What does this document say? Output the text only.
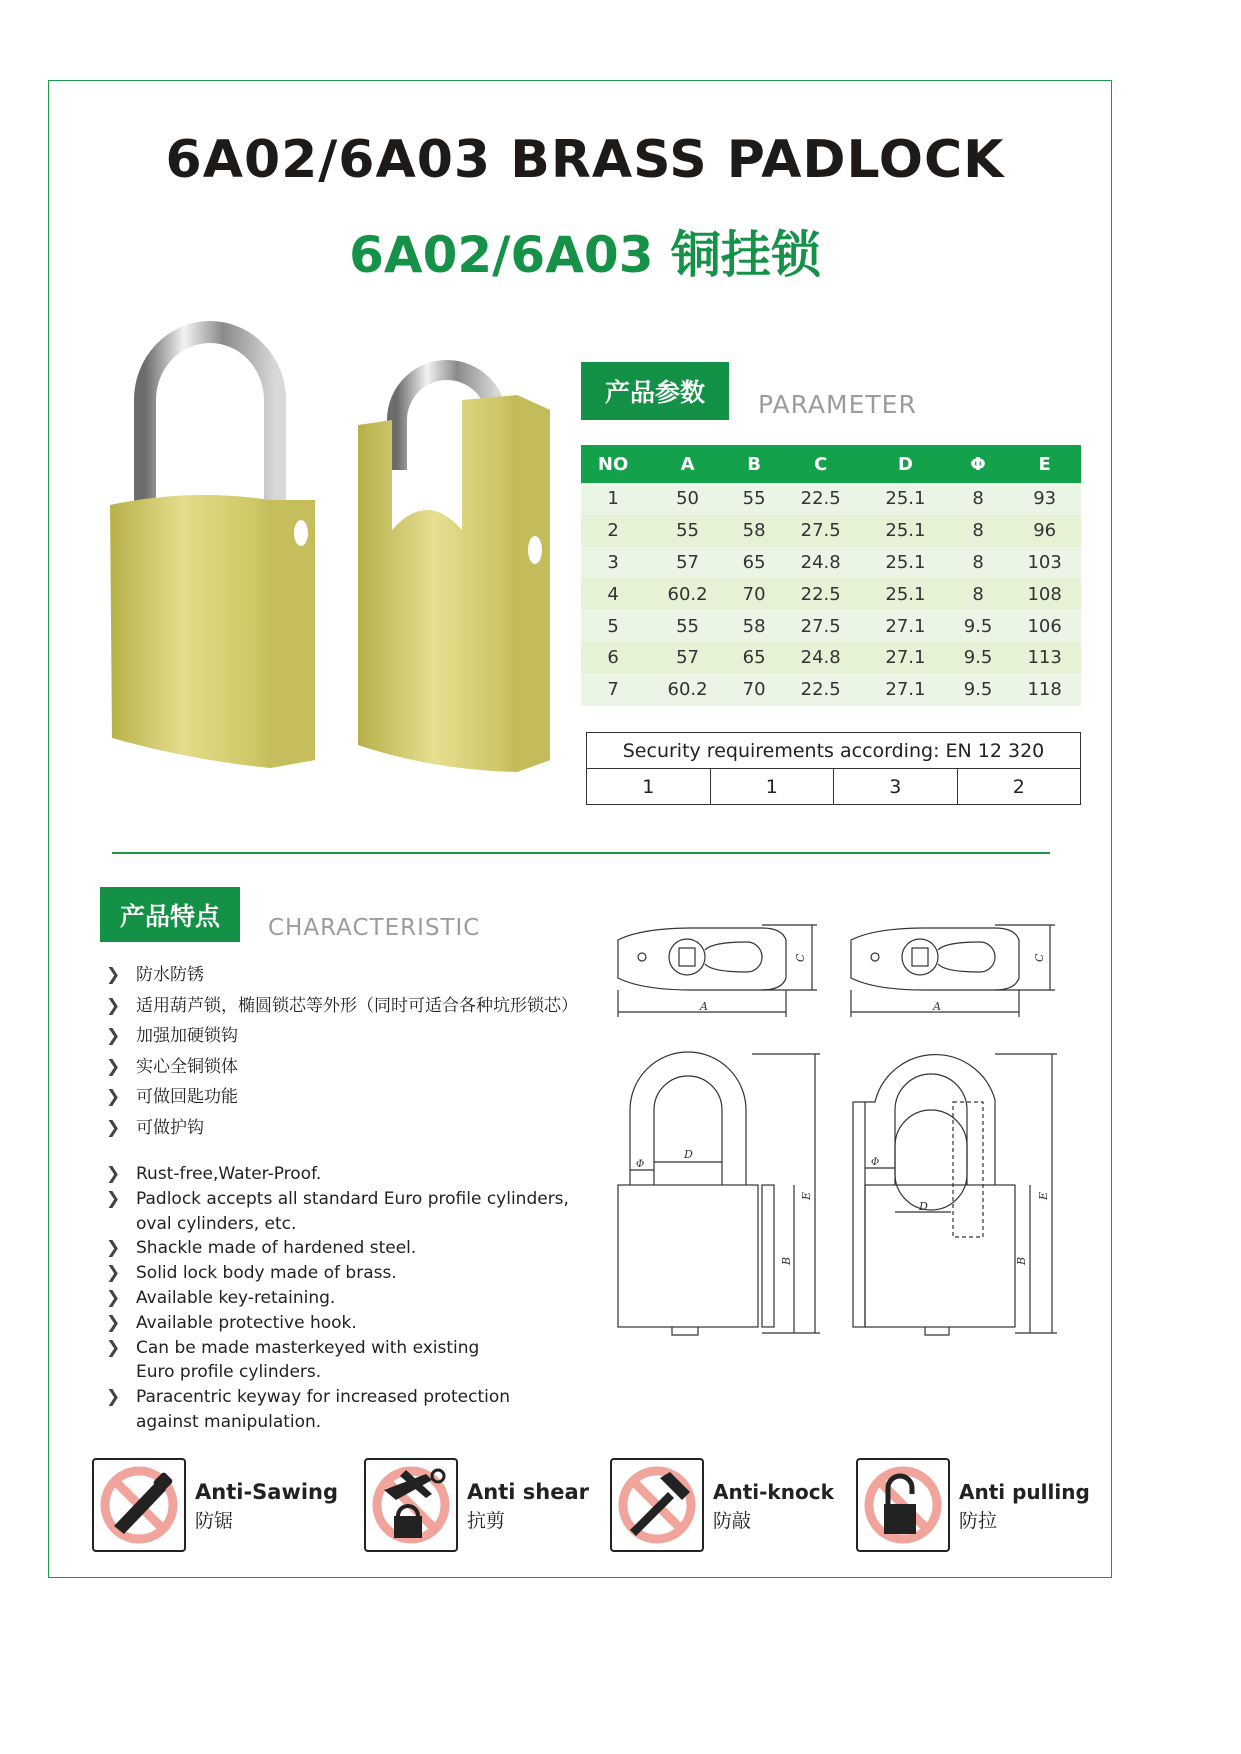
6A02/6A03 BRASS PADLOCK
6A02/6A03 铜挂锁
产品参数	PARAMETER
NO	A	B	C	D	Φ	E
1	50	55	22.5	25.1	8	93
2	55	58	27.5	25.1	8	96
3	57	65	24.8	25.1	8	103
4	60.2	70	22.5	25.1	8	108
5	55	58	27.5	27.1	9.5	106
6	57	65	24.8	27.1	9.5	113
7	60.2	70	22.5	27.1	9.5	118
Security requirements according: EN 12 320
1	1	3	2
产品特点	CHARACTERISTIC
❯ 防水防锈
❯ 适用葫芦锁，椭圆锁芯等外形（同时可适合各种坑形锁芯）
❯ 加强加硬锁钩
❯ 实心全铜锁体
❯ 可做回匙功能
❯ 可做护钩
❯ Rust-free,Water-Proof.
❯ Padlock accepts all standard Euro profile cylinders,
oval cylinders, etc.
❯ Shackle made of hardened steel.
❯ Solid lock body made of brass.
❯ Available key-retaining.
❯ Available protective hook.
❯ Can be made masterkeyed with existing
Euro profile cylinders.
❯ Paracentric keyway for increased protection
against manipulation.
A
C
A
C
D
Φ
E
B
D
Φ
E
B
Anti-Sawing
防锯
Anti shear
抗剪
Anti-knock
防敲
Anti pulling
防拉
